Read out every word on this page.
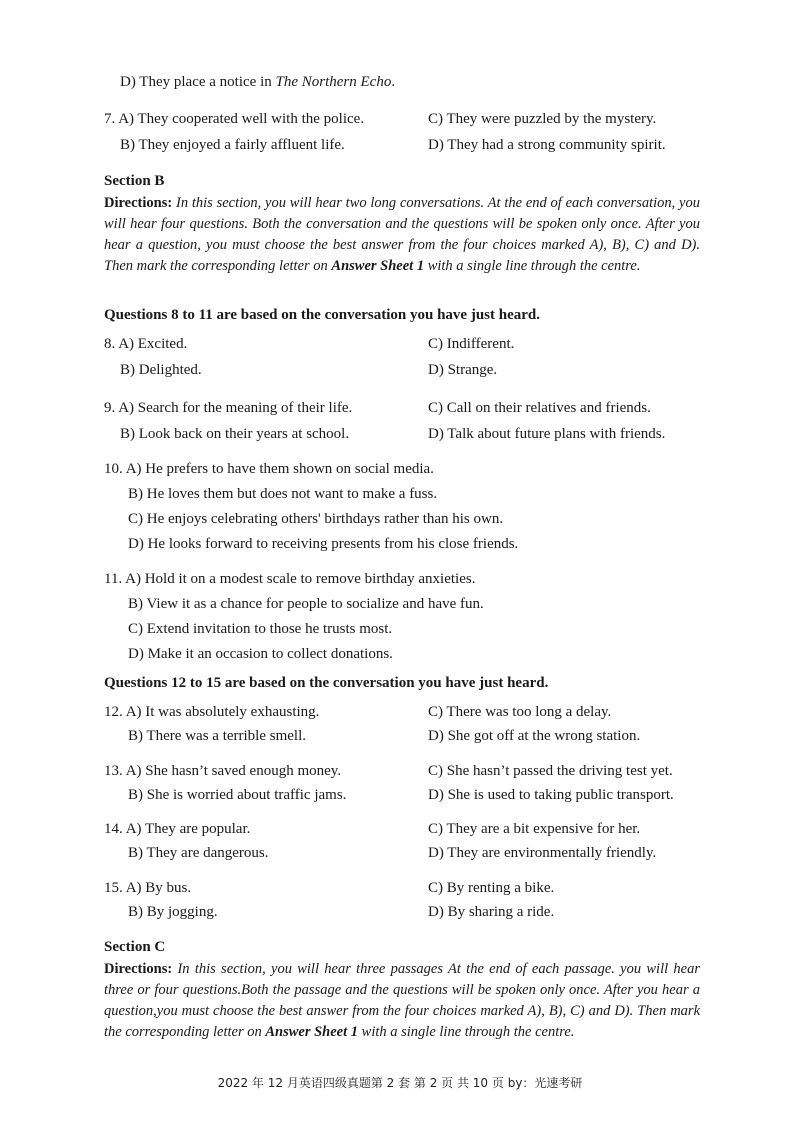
D) They place a notice in The Northern Echo.
7. A) They cooperated well with the police.	C) They were puzzled by the mystery.
B) They enjoyed a fairly affluent life.	D) They had a strong community spirit.
Section B
Directions: In this section, you will hear two long conversations. At the end of each conversation, you will hear four questions. Both the conversation and the questions will be spoken only once. After you hear a question, you must choose the best answer from the four choices marked A), B), C) and D). Then mark the corresponding letter on Answer Sheet 1 with a single line through the centre.
Questions 8 to 11 are based on the conversation you have just heard.
8. A) Excited.	C) Indifferent.
B) Delighted.	D) Strange.
9. A) Search for the meaning of their life.	C) Call on their relatives and friends.
B) Look back on their years at school.	D) Talk about future plans with friends.
10. A) He prefers to have them shown on social media.
B) He loves them but does not want to make a fuss.
C) He enjoys celebrating others' birthdays rather than his own.
D) He looks forward to receiving presents from his close friends.
11. A) Hold it on a modest scale to remove birthday anxieties.
B) View it as a chance for people to socialize and have fun.
C) Extend invitation to those he trusts most.
D) Make it an occasion to collect donations.
Questions 12 to 15 are based on the conversation you have just heard.
12. A) It was absolutely exhausting.	C) There was too long a delay.
B) There was a terrible smell.	D) She got off at the wrong station.
13. A) She hasn’t saved enough money.	C) She hasn’t passed the driving test yet.
B) She is worried about traffic jams.	D) She is used to taking public transport.
14. A) They are popular.	C) They are a bit expensive for her.
B) They are dangerous.	D) They are environmentally friendly.
15. A) By bus.	C) By renting a bike.
B) By jogging.	D) By sharing a ride.
Section C
Directions: In this section, you will hear three passages At the end of each passage. you will hear three or four questions.Both the passage and the questions will be spoken only once. After you hear a question,you must choose the best answer from the four choices marked A), B), C) and D). Then mark the corresponding letter on Answer Sheet 1 with a single line through the centre.
2022 年 12 月英语四级真题第 2 套 第 2 页 共 10 页 by：光速考研
